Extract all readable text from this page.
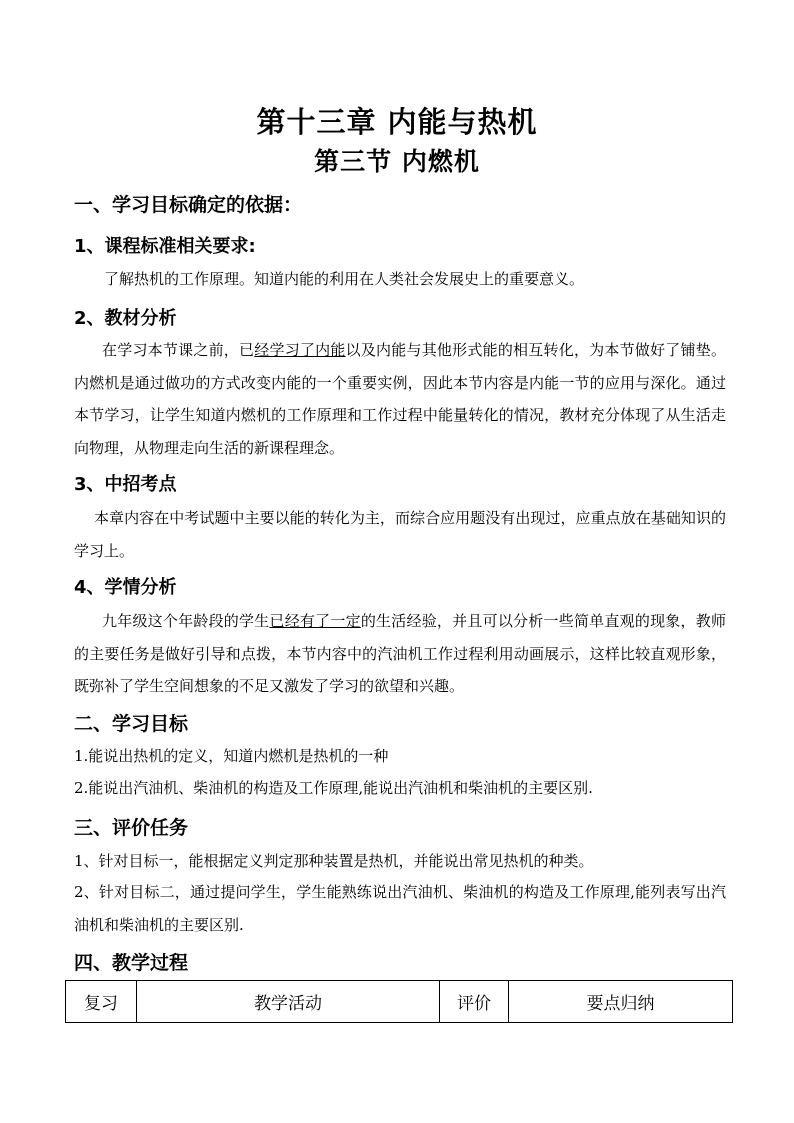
第十三章 内能与热机
第三节 内燃机
一、学习目标确定的依据：
1、课程标准相关要求:
了解热机的工作原理。知道内能的利用在人类社会发展史上的重要意义。
2、教材分析
在学习本节课之前，已经学习了内能以及内能与其他形式能的相互转化，为本节做好了铺垫。内燃机是通过做功的方式改变内能的一个重要实例，因此本节内容是内能一节的应用与深化。通过本节学习，让学生知道内燃机的工作原理和工作过程中能量转化的情况，教材充分体现了从生活走向物理，从物理走向生活的新课程理念。
3、中招考点
本章内容在中考试题中主要以能的转化为主，而综合应用题没有出现过，应重点放在基础知识的学习上。
4、学情分析
九年级这个年龄段的学生已经有了一定的生活经验，并且可以分析一些简单直观的现象，教师的主要任务是做好引导和点拨，本节内容中的汽油机工作过程利用动画展示，这样比较直观形象，既弥补了学生空间想象的不足又激发了学习的欲望和兴趣。
二、学习目标
1.能说出热机的定义，知道内燃机是热机的一种
2.能说出汽油机、柴油机的构造及工作原理,能说出汽油机和柴油机的主要区别.
三、评价任务
1、针对目标一，能根据定义判定那种装置是热机，并能说出常见热机的种类。
2、针对目标二，通过提问学生，学生能熟练说出汽油机、柴油机的构造及工作原理,能列表写出汽油机和柴油机的主要区别.
四、教学过程
复习	教学活动	评价	要点归纳
